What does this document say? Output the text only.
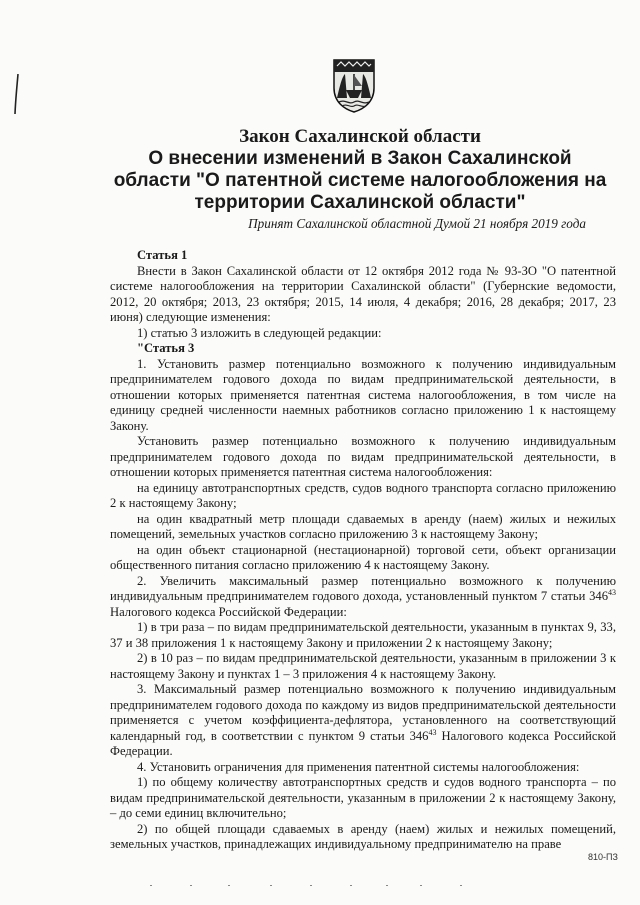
Закон Сахалинской области
О внесении изменений в Закон Сахалинской
области "О патентной системе налогообложения на
территории Сахалинской области"
Принят Сахалинской областной Думой 21 ноября 2019 года

Статья 1

Внести в Закон Сахалинской области от 12 октября 2012 года № 93-ЗО "О патентной системе налогообложения на территории Сахалинской области" (Губернские ведомости, 2012, 20 октября; 2013, 23 октября; 2015, 14 июля, 4 декабря; 2016, 28 декабря; 2017, 23 июня) следующие изменения:

1) статью 3 изложить в следующей редакции:

"Статья 3

1. Установить размер потенциально возможного к получению индивидуальным предпринимателем годового дохода по видам предпринимательской деятельности, в отношении которых применяется патентная система налогообложения, в том числе на единицу средней численности наемных работников согласно приложению 1 к настоящему Закону.

Установить размер потенциально возможного к получению индивидуальным предпринимателем годового дохода по видам предпринимательской деятельности, в отношении которых применяется патентная система налогообложения:

на единицу автотранспортных средств, судов водного транспорта согласно приложению 2 к настоящему Закону;

на один квадратный метр площади сдаваемых в аренду (наем) жилых и нежилых помещений, земельных участков согласно приложению 3 к настоящему Закону;

на один объект стационарной (нестационарной) торговой сети, объект организации общественного питания согласно приложению 4 к настоящему Закону.

2. Увеличить максимальный размер потенциально возможного к получению индивидуальным предпринимателем годового дохода, установленный пунктом 7 статьи $346^{43}$ Налогового кодекса Российской Федерации:

1) в три раза – по видам предпринимательской деятельности, указанным в пунктах 9, 33, 37 и 38 приложения 1 к настоящему Закону и приложении 2 к настоящему Закону;

2) в 10 раз – по видам предпринимательской деятельности, указанным в приложении 3 к настоящему Закону и пунктах 1 – 3 приложения 4 к настоящему Закону.

3. Максимальный размер потенциально возможного к получению индивидуальным предпринимателем годового дохода по каждому из видов предпринимательской деятельности применяется с учетом коэффициента-дефлятора, установленного на соответствующий календарный год, в соответствии с пунктом 9 статьи $346^{43}$ Налогового кодекса Российской Федерации.

4. Установить ограничения для применения патентной системы налогообложения:

1) по общему количеству автотранспортных средств и судов водного транспорта – по видам предпринимательской деятельности, указанным в приложении 2 к настоящему Закону, – до семи единиц включительно;

2) по общей площади сдаваемых в аренду (наем) жилых и нежилых помещений, земельных участков, принадлежащих индивидуальному предпринимателю на праве

810-ПЗ
